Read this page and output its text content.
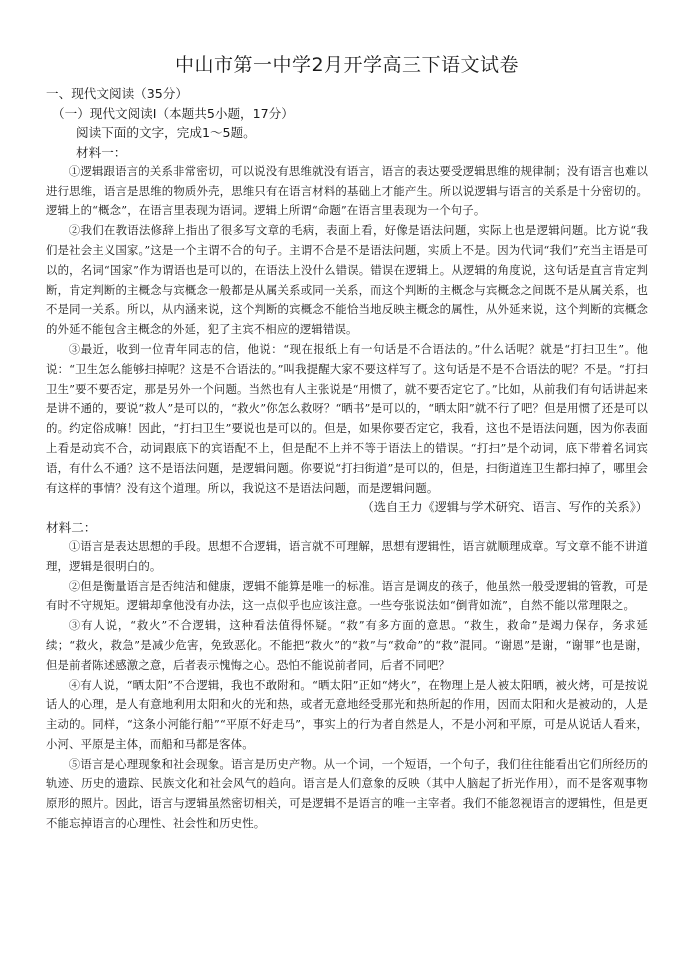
中山市第一中学2月开学高三下语文试卷

一、现代文阅读（35分）

（一）现代文阅读I（本题共5小题，17分）

阅读下面的文字，完成1～5题。

材料一：

①逻辑跟语言的关系非常密切，可以说没有思维就没有语言，语言的表达要受逻辑思维的规律制；没有语言也难以进行思维，语言是思维的物质外壳，思维只有在语言材料的基础上才能产生。所以说逻辑与语言的关系是十分密切的。逻辑上的“概念”，在语言里表现为语词。逻辑上所谓“命题”在语言里表现为一个句子。

②我们在教语法修辞上指出了很多写文章的毛病，表面上看，好像是语法问题，实际上也是逻辑问题。比方说“我们是社会主义国家。”这是一个主谓不合的句子。主谓不合是不是语法问题，实质上不是。因为代词“我们”充当主语是可以的，名词“国家”作为谓语也是可以的，在语法上没什么错误。错误在逻辑上。从逻辑的角度说，这句话是直言肯定判断，肯定判断的主概念与宾概念一般都是从属关系或同一关系，而这个判断的主概念与宾概念之间既不是从属关系，也不是同一关系。所以，从内涵来说，这个判断的宾概念不能恰当地反映主概念的属性，从外延来说，这个判断的宾概念的外延不能包含主概念的外延，犯了主宾不相应的逻辑错误。

③最近，收到一位青年同志的信，他说：“现在报纸上有一句话是不合语法的。”什么话呢？就是“打扫卫生”。他说：“卫生怎么能够扫掉呢？这是不合语法的。”叫我提醒大家不要这样写了。这句话是不是不合语法的呢？不是。“打扫卫生”要不要否定，那是另外一个问题。当然也有人主张说是“用惯了，就不要否定它了。”比如，从前我们有句话讲起来是讲不通的，要说“救人”是可以的，“救火”你怎么救呀？“晒书”是可以的，“晒太阳”就不行了吧？但是用惯了还是可以的。约定俗成嘛！因此，“打扫卫生”要说也是可以的。但是，如果你要否定它，我看，这也不是语法问题，因为你表面上看是动宾不合，动词跟底下的宾语配不上，但是配不上并不等于语法上的错误。“打扫”是个动词，底下带着名词宾语，有什么不通？这不是语法问题，是逻辑问题。你要说“打扫街道”是可以的，但是，扫街道连卫生都扫掉了，哪里会有这样的事情？没有这个道理。所以，我说这不是语法问题，而是逻辑问题。

（选自王力《逻辑与学术研究、语言、写作的关系》）

材料二：

①语言是表达思想的手段。思想不合逻辑，语言就不可理解，思想有逻辑性，语言就顺理成章。写文章不能不讲道理，逻辑是很明白的。

②但是衡量语言是否纯洁和健康，逻辑不能算是唯一的标准。语言是调皮的孩子，他虽然一般受逻辑的管教，可是有时不守规矩。逻辑却拿他没有办法，这一点似乎也应该注意。一些夸张说法如“倒背如流”，自然不能以常理限之。

③有人说，“救火”不合逻辑，这种看法值得怀疑。“救”有多方面的意思。“救生，救命”是竭力保存，务求延续；“救火，救急”是减少危害，免致恶化。不能把“救火”的“救”与“救命”的“救”混同。“谢恩”是谢，“谢罪”也是谢，但是前者陈述感激之意，后者表示愧悔之心。恐怕不能说前者同，后者不同吧？

④有人说，“晒太阳”不合逻辑，我也不敢附和。“晒太阳”正如“烤火”，在物理上是人被太阳晒，被火烤，可是按说话人的心理，是人有意地利用太阳和火的光和热，或者无意地经受那光和热所起的作用，因而太阳和火是被动的，人是主动的。同样，“这条小河能行船”“平原不好走马”，事实上的行为者自然是人，不是小河和平原，可是从说话人看来，小河、平原是主体，而船和马都是客体。

⑤语言是心理现象和社会现象。语言是历史产物。从一个词，一个短语，一个句子，我们往往能看出它们所经历的轨迹、历史的遗踪、民族文化和社会风气的趋向。语言是人们意象的反映（其中人脑起了折光作用），而不是客观事物原形的照片。因此，语言与逻辑虽然密切相关，可是逻辑不是语言的唯一主宰者。我们不能忽视语言的逻辑性，但是更不能忘掉语言的心理性、社会性和历史性。
